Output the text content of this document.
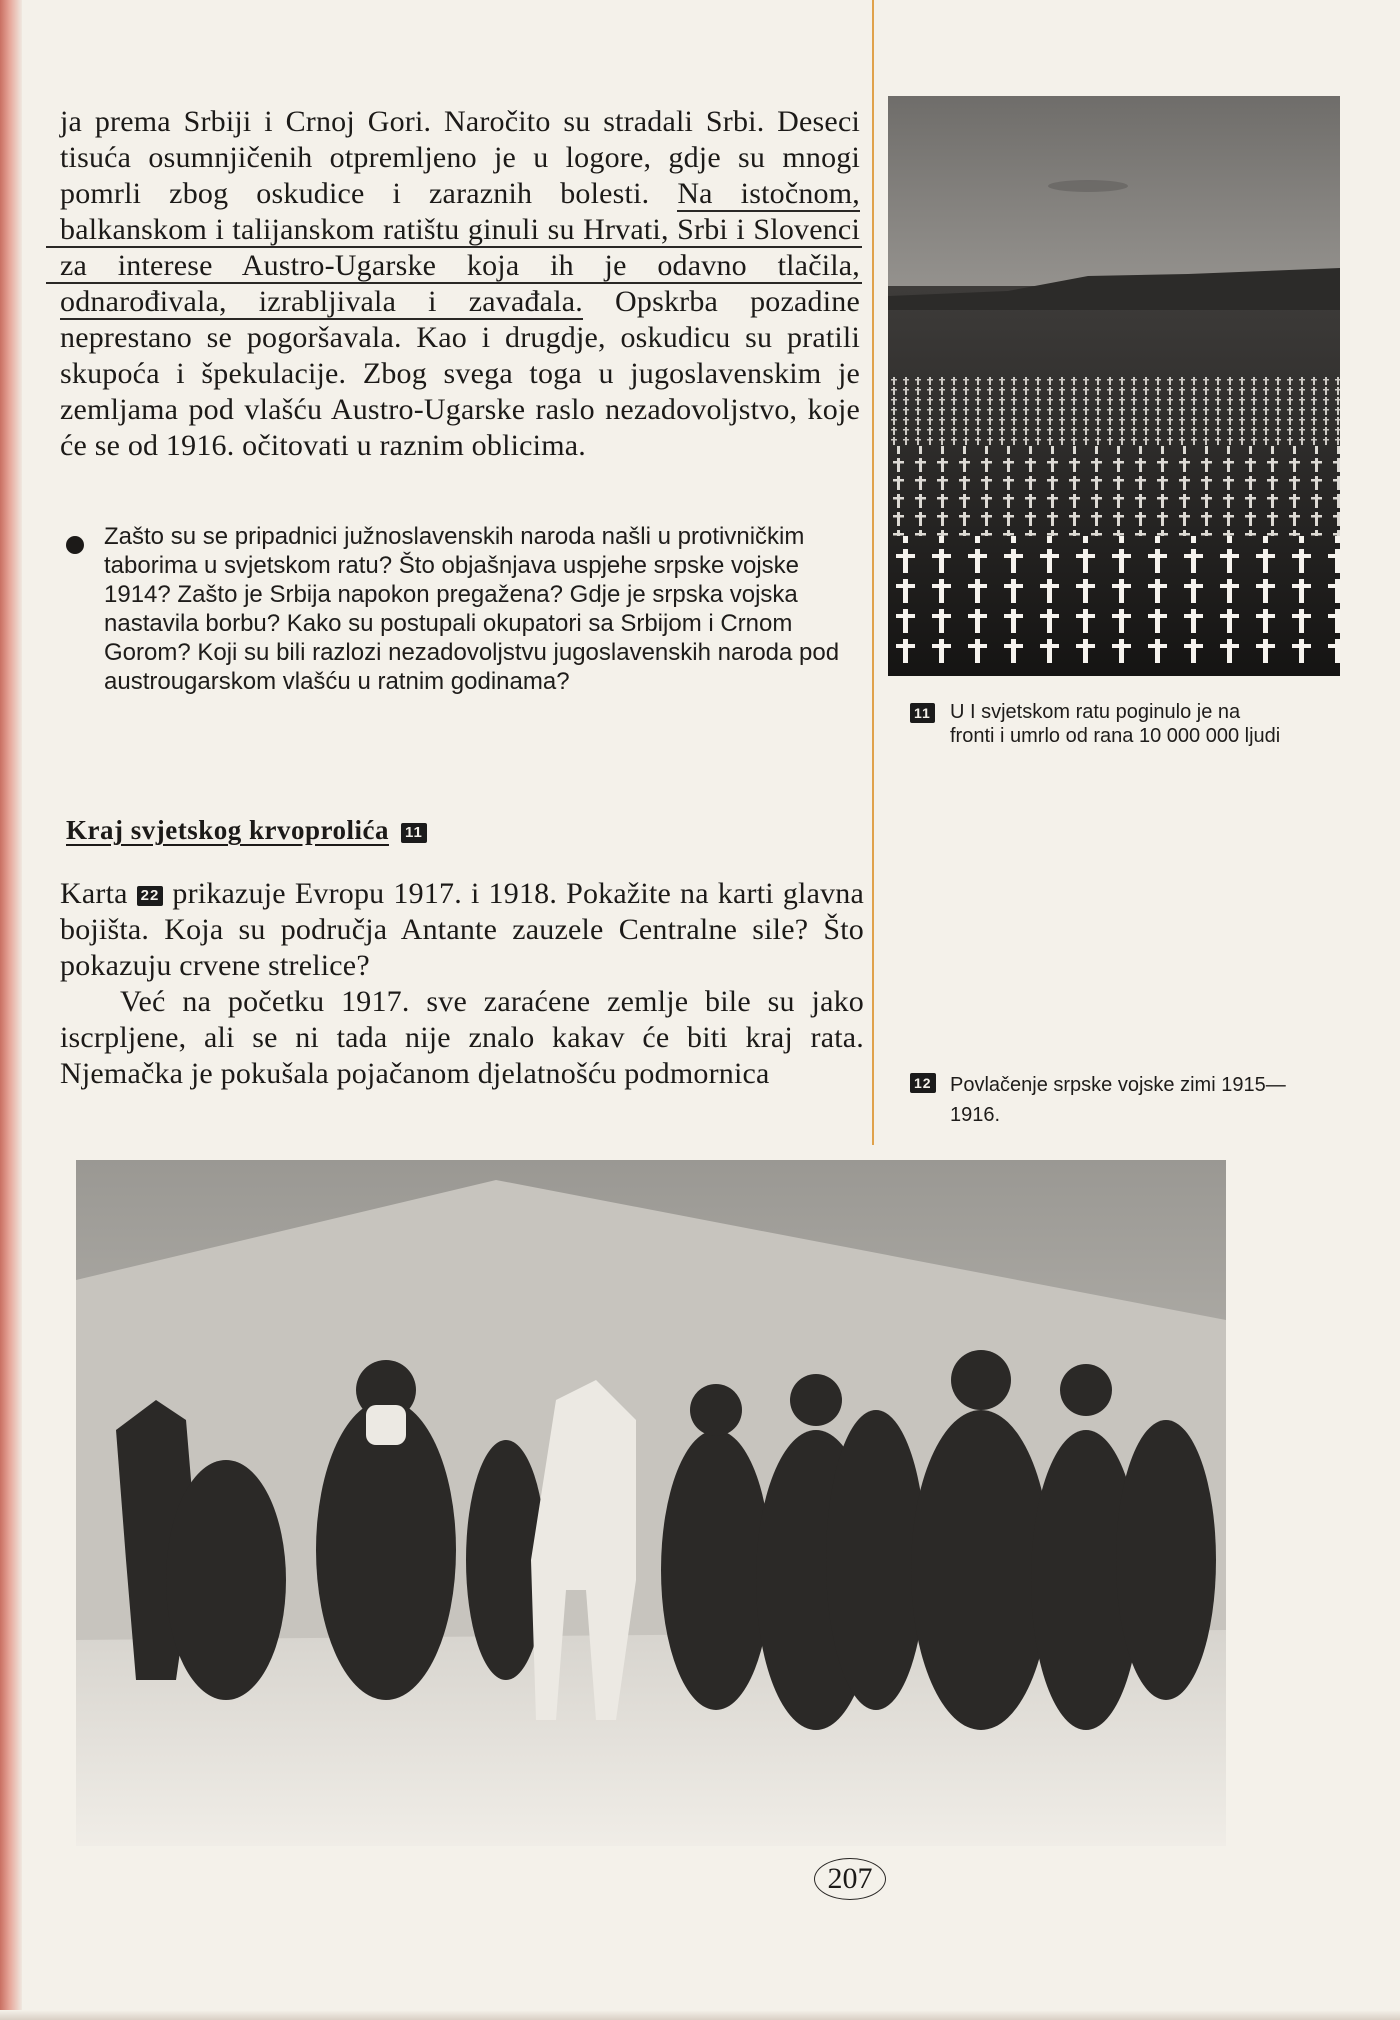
ja prema Srbiji i Crnoj Gori. Naročito su stradali Srbi. Deseci tisuća osumnjičenih otpremljeno je u logore, gdje su mnogi pomrli zbog oskudice i zaraznih bolesti. Na istočnom, balkanskom i talijanskom ratištu ginuli su Hrvati, Srbi i Slovenci za interese Austro-Ugarske koja ih je odavno tlačila, odnarođivala, izrabljivala i zavađala. Opskrba pozadine neprestano se pogoršavala. Kao i drugdje, oskudicu su pratili skupoća i špekulacije. Zbog svega toga u jugoslavenskim je zemljama pod vlašću Austro-Ugarske raslo nezadovoljstvo, koje će se od 1916. očitovati u raznim oblicima.

Zašto su se pripadnici južnoslavenskih naroda našli u protivničkim taborima u svjetskom ratu? Što objašnjava uspjehe srpske vojske 1914? Zašto je Srbija napokon pregažena? Gdje je srpska vojska nastavila borbu? Kako su postupali okupatori sa Srbijom i Crnom Gorom? Koji su bili razlozi nezadovoljstvu jugoslavenskih naroda pod austrougarskom vlašću u ratnim godinama?
Kraj svjetskog krvoprolića 11

Karta 22 prikazuje Evropu 1917. i 1918. Pokažite na karti glavna bojišta. Koja su područja Antante zauzele Centralne sile? Što pokazuju crvene strelice?

Već na početku 1917. sve zaraćene zemlje bile su jako iscrpljene, ali se ni tada nije znalo kakav će biti kraj rata. Njemačka je pokušala pojačanom djelatnošću podmornica

11 U I svjetskom ratu poginulo je na fronti i umrlo od rana 10 000 000 ljudi
12 Povlačenje srpske vojske zimi 1915—1916.
207
